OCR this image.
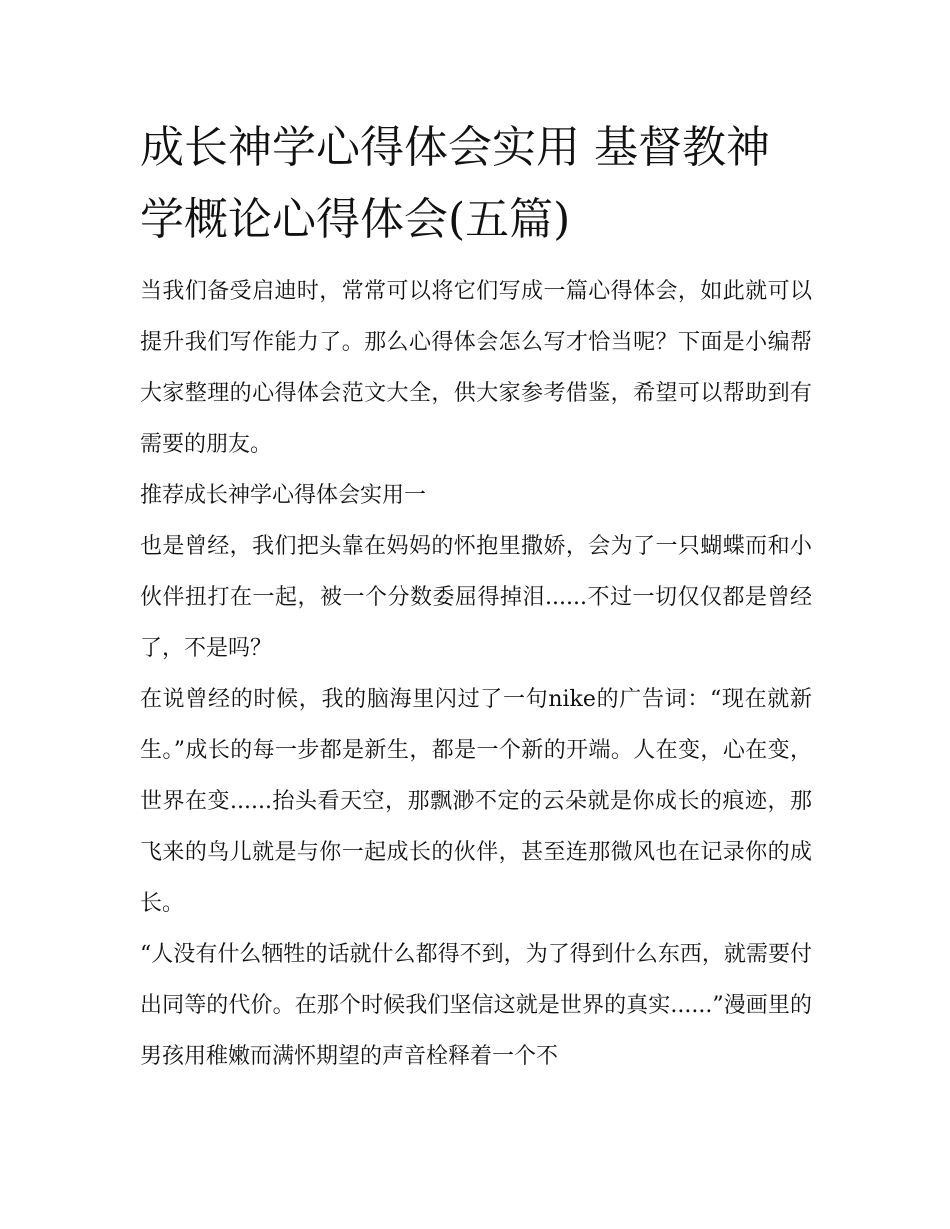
成长神学心得体会实用 基督教神学概论心得体会(五篇)

当我们备受启迪时，常常可以将它们写成一篇心得体会，如此就可以提升我们写作能力了。那么心得体会怎么写才恰当呢？下面是小编帮大家整理的心得体会范文大全，供大家参考借鉴，希望可以帮助到有需要的朋友。

推荐成长神学心得体会实用一

也是曾经，我们把头靠在妈妈的怀抱里撒娇，会为了一只蝴蝶而和小伙伴扭打在一起，被一个分数委屈得掉泪......不过一切仅仅都是曾经了，不是吗？

在说曾经的时候，我的脑海里闪过了一句nike的广告词：“现在就新生。”成长的每一步都是新生，都是一个新的开端。人在变，心在变，世界在变......抬头看天空，那飘渺不定的云朵就是你成长的痕迹，那飞来的鸟儿就是与你一起成长的伙伴，甚至连那微风也在记录你的成长。

“人没有什么牺牲的话就什么都得不到，为了得到什么东西，就需要付出同等的代价。在那个时候我们坚信这就是世界的真实......”漫画里的男孩用稚嫩而满怀期望的声音栓释着一个不
